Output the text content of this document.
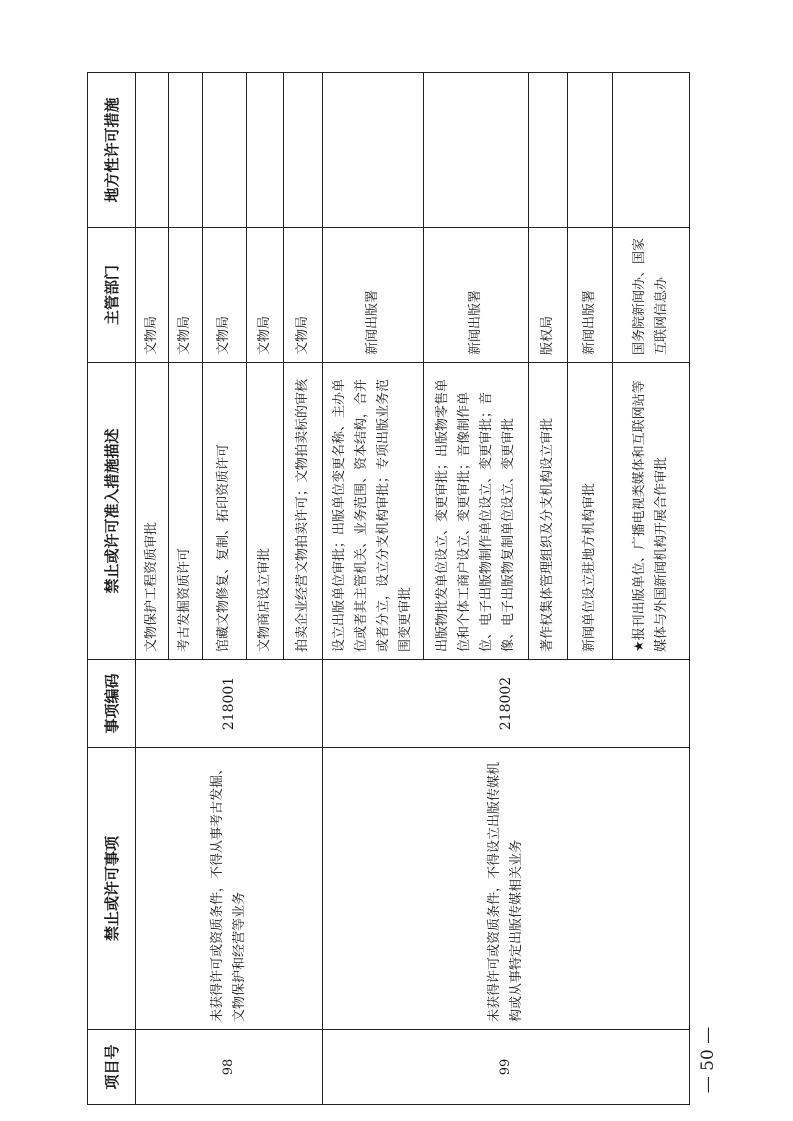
项目号	禁止或许可事项	事项编码	禁止或许可准入措施描述	主管部门	地方性许可措施
98	未获得许可或资质条件，不得从事考古发掘、文物保护和经营等业务	218001	文物保护工程资质审批	文物局	
			考古发掘资质许可	文物局	
			馆藏文物修复、复制、拓印资质许可	文物局	
			文物商店设立审批	文物局	
			拍卖企业经营文物拍卖许可；文物拍卖标的审核	文物局	
99	未获得许可或资质条件，不得设立出版传媒机构或从事特定出版传媒相关业务	218002	设立出版单位审批；出版单位变更名称、主办单位或者其主管机关、业务范围、资本结构，合并或者分立，设立分支机构审批；专项出版业务范围变更审批	新闻出版署	
			出版物批发单位设立、变更审批；出版物零售单位和个体工商户设立、变更审批；音像制作单位、电子出版物制作单位设立、变更审批；音像、电子出版物复制单位设立、变更审批	新闻出版署	
			著作权集体管理组织及分支机构设立审批	版权局	
			新闻单位设立驻地方机构审批	新闻出版署	
			★报刊出版单位、广播电视类媒体和互联网站等媒体与外国新闻机构开展合作审批	国务院新闻办、国家互联网信息办	
— 50 —
